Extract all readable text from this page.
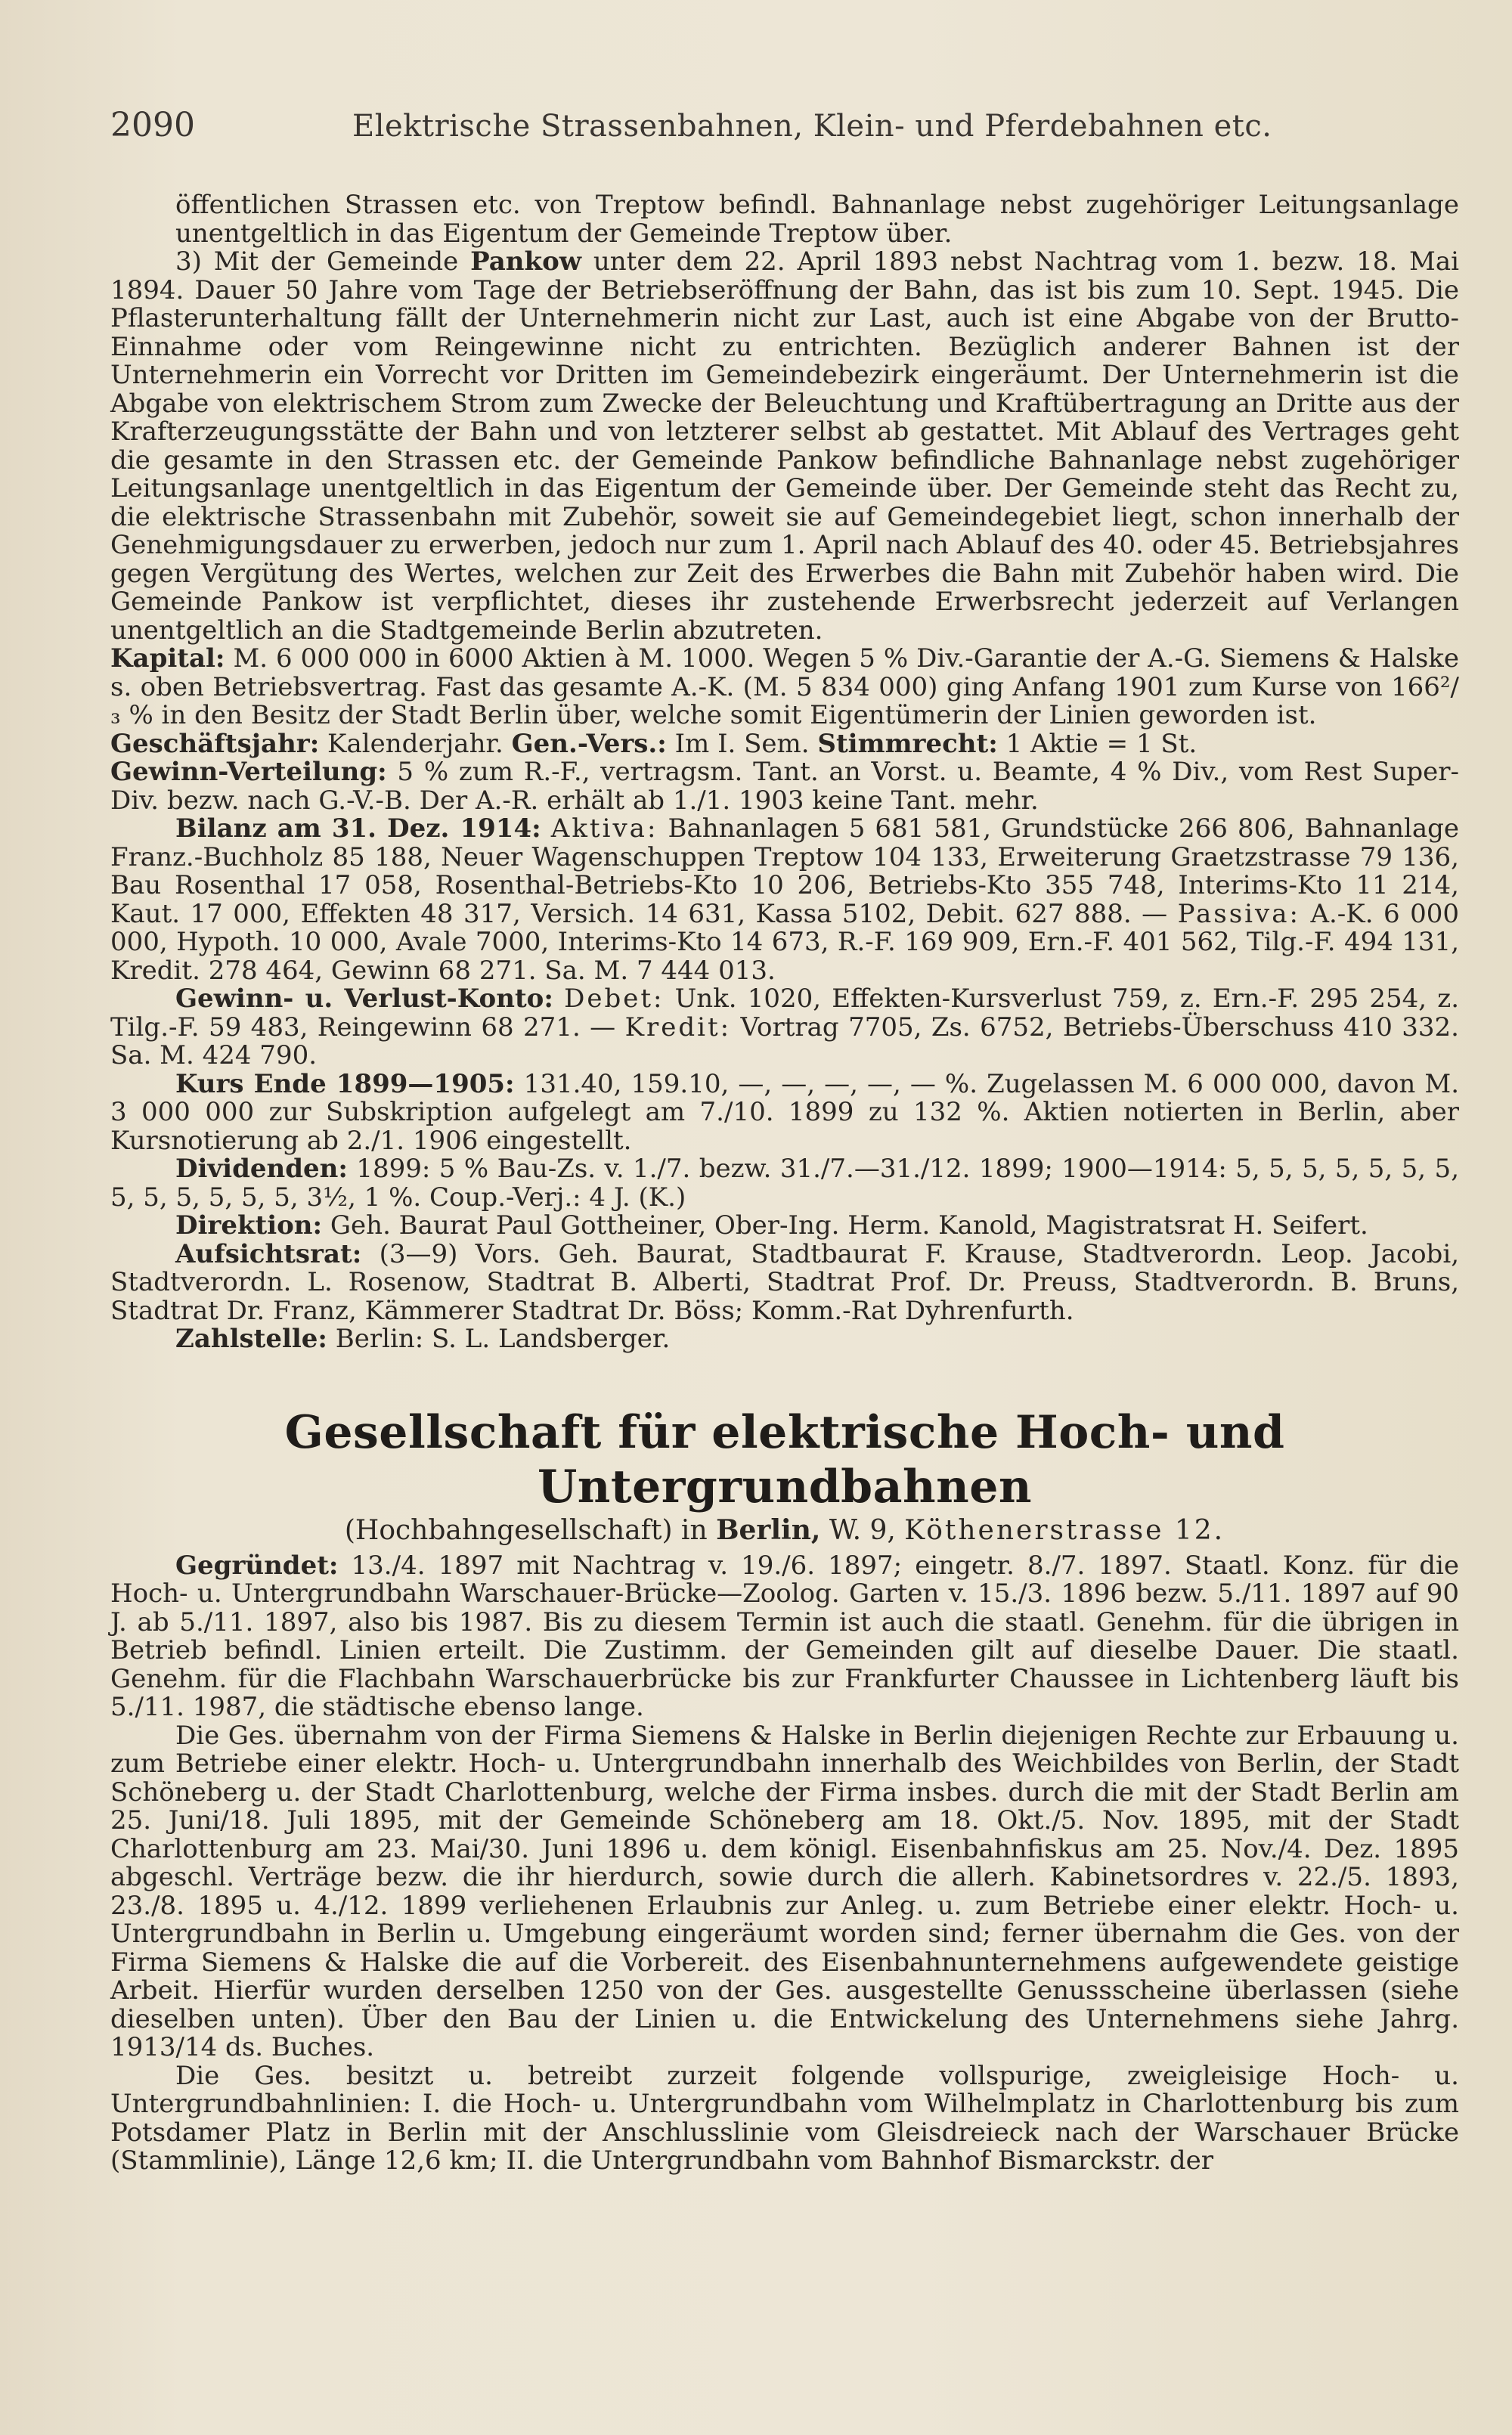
2090	Elektrische Strassenbahnen, Klein- und Pferdebahnen etc.

öffentlichen Strassen etc. von Treptow befindl. Bahnanlage nebst zugehöriger Leitungsanlage unentgeltlich in das Eigentum der Gemeinde Treptow über.

3) Mit der Gemeinde Pankow unter dem 22. April 1893 nebst Nachtrag vom 1. bezw. 18. Mai 1894. Dauer 50 Jahre vom Tage der Betriebseröffnung der Bahn, das ist bis zum 10. Sept. 1945. Die Pflasterunterhaltung fällt der Unternehmerin nicht zur Last, auch ist eine Abgabe von der Brutto-Einnahme oder vom Reingewinne nicht zu entrichten. Bezüglich anderer Bahnen ist der Unternehmerin ein Vorrecht vor Dritten im Gemeindebezirk eingeräumt. Der Unternehmerin ist die Abgabe von elektrischem Strom zum Zwecke der Beleuchtung und Kraftübertragung an Dritte aus der Krafterzeugungsstätte der Bahn und von letzterer selbst ab gestattet. Mit Ablauf des Vertrages geht die gesamte in den Strassen etc. der Gemeinde Pankow befindliche Bahnanlage nebst zugehöriger Leitungsanlage unentgeltlich in das Eigentum der Gemeinde über. Der Gemeinde steht das Recht zu, die elektrische Strassenbahn mit Zubehör, soweit sie auf Gemeindegebiet liegt, schon innerhalb der Genehmigungsdauer zu erwerben, jedoch nur zum 1. April nach Ablauf des 40. oder 45. Betriebsjahres gegen Vergütung des Wertes, welchen zur Zeit des Erwerbes die Bahn mit Zubehör haben wird. Die Gemeinde Pankow ist verpflichtet, dieses ihr zustehende Erwerbsrecht jederzeit auf Verlangen unentgeltlich an die Stadtgemeinde Berlin abzutreten.

Kapital: M. 6 000 000 in 6000 Aktien à M. 1000. Wegen 5 % Div.-Garantie der A.-G. Siemens & Halske s. oben Betriebsvertrag. Fast das gesamte A.-K. (M. 5 834 000) ging Anfang 1901 zum Kurse von 166²/₃ % in den Besitz der Stadt Berlin über, welche somit Eigentümerin der Linien geworden ist.

Geschäftsjahr: Kalenderjahr. Gen.-Vers.: Im I. Sem. Stimmrecht: 1 Aktie = 1 St.

Gewinn-Verteilung: 5 % zum R.-F., vertragsm. Tant. an Vorst. u. Beamte, 4 % Div., vom Rest Super-Div. bezw. nach G.-V.-B. Der A.-R. erhält ab 1./1. 1903 keine Tant. mehr.

Bilanz am 31. Dez. 1914: Aktiva: Bahnanlagen 5 681 581, Grundstücke 266 806, Bahnanlage Franz.-Buchholz 85 188, Neuer Wagenschuppen Treptow 104 133, Erweiterung Graetzstrasse 79 136, Bau Rosenthal 17 058, Rosenthal-Betriebs-Kto 10 206, Betriebs-Kto 355 748, Interims-Kto 11 214, Kaut. 17 000, Effekten 48 317, Versich. 14 631, Kassa 5102, Debit. 627 888. — Passiva: A.-K. 6 000 000, Hypoth. 10 000, Avale 7000, Interims-Kto 14 673, R.-F. 169 909, Ern.-F. 401 562, Tilg.-F. 494 131, Kredit. 278 464, Gewinn 68 271. Sa. M. 7 444 013.

Gewinn- u. Verlust-Konto: Debet: Unk. 1020, Effekten-Kursverlust 759, z. Ern.-F. 295 254, z. Tilg.-F. 59 483, Reingewinn 68 271. — Kredit: Vortrag 7705, Zs. 6752, Betriebs-Überschuss 410 332. Sa. M. 424 790.

Kurs Ende 1899—1905: 131.40, 159.10, —, —, —, —, — %. Zugelassen M. 6 000 000, davon M. 3 000 000 zur Subskription aufgelegt am 7./10. 1899 zu 132 %. Aktien notierten in Berlin, aber Kursnotierung ab 2./1. 1906 eingestellt.

Dividenden: 1899: 5 % Bau-Zs. v. 1./7. bezw. 31./7.—31./12. 1899; 1900—1914: 5, 5, 5, 5, 5, 5, 5, 5, 5, 5, 5, 5, 5, 3½, 1 %. Coup.-Verj.: 4 J. (K.)

Direktion: Geh. Baurat Paul Gottheiner, Ober-Ing. Herm. Kanold, Magistratsrat H. Seifert.

Aufsichtsrat: (3—9) Vors. Geh. Baurat, Stadtbaurat F. Krause, Stadtverordn. Leop. Jacobi, Stadtverordn. L. Rosenow, Stadtrat B. Alberti, Stadtrat Prof. Dr. Preuss, Stadtverordn. B. Bruns, Stadtrat Dr. Franz, Kämmerer Stadtrat Dr. Böss; Komm.-Rat Dyhrenfurth.

Zahlstelle: Berlin: S. L. Landsberger.

Gesellschaft für elektrische Hoch- und Untergrundbahnen
(Hochbahngesellschaft) in Berlin, W. 9, Köthenerstrasse 12.

Gegründet: 13./4. 1897 mit Nachtrag v. 19./6. 1897; eingetr. 8./7. 1897. Staatl. Konz. für die Hoch- u. Untergrundbahn Warschauer-Brücke—Zoolog. Garten v. 15./3. 1896 bezw. 5./11. 1897 auf 90 J. ab 5./11. 1897, also bis 1987. Bis zu diesem Termin ist auch die staatl. Genehm. für die übrigen in Betrieb befindl. Linien erteilt. Die Zustimm. der Gemeinden gilt auf dieselbe Dauer. Die staatl. Genehm. für die Flachbahn Warschauerbrücke bis zur Frankfurter Chaussee in Lichtenberg läuft bis 5./11. 1987, die städtische ebenso lange.

Die Ges. übernahm von der Firma Siemens & Halske in Berlin diejenigen Rechte zur Erbauung u. zum Betriebe einer elektr. Hoch- u. Untergrundbahn innerhalb des Weichbildes von Berlin, der Stadt Schöneberg u. der Stadt Charlottenburg, welche der Firma insbes. durch die mit der Stadt Berlin am 25. Juni/18. Juli 1895, mit der Gemeinde Schöneberg am 18. Okt./5. Nov. 1895, mit der Stadt Charlottenburg am 23. Mai/30. Juni 1896 u. dem königl. Eisenbahnfiskus am 25. Nov./4. Dez. 1895 abgeschl. Verträge bezw. die ihr hierdurch, sowie durch die allerh. Kabinetsordres v. 22./5. 1893, 23./8. 1895 u. 4./12. 1899 verliehenen Erlaubnis zur Anleg. u. zum Betriebe einer elektr. Hoch- u. Untergrundbahn in Berlin u. Umgebung eingeräumt worden sind; ferner übernahm die Ges. von der Firma Siemens & Halske die auf die Vorbereit. des Eisenbahnunternehmens aufgewendete geistige Arbeit. Hierfür wurden derselben 1250 von der Ges. ausgestellte Genussscheine überlassen (siehe dieselben unten). Über den Bau der Linien u. die Entwickelung des Unternehmens siehe Jahrg. 1913/14 ds. Buches.

Die Ges. besitzt u. betreibt zurzeit folgende vollspurige, zweigleisige Hoch- u. Untergrundbahnlinien: I. die Hoch- u. Untergrundbahn vom Wilhelmplatz in Charlottenburg bis zum Potsdamer Platz in Berlin mit der Anschlusslinie vom Gleisdreieck nach der Warschauer Brücke (Stammlinie), Länge 12,6 km; II. die Untergrundbahn vom Bahnhof Bismarckstr. der
